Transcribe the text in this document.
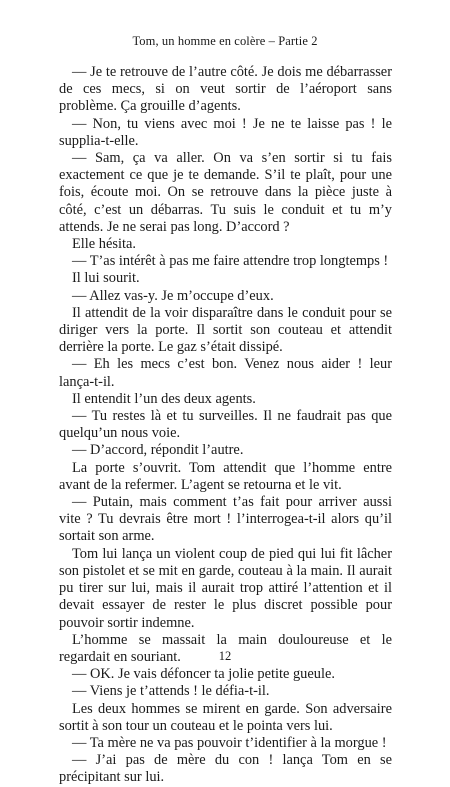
Tom, un homme en colère – Partie 2

— Je te retrouve de l’autre côté. Je dois me débarrasser de ces mecs, si on veut sortir de l’aéroport sans problème. Ça grouille d’agents.

— Non, tu viens avec moi ! Je ne te laisse pas ! le supplia-t-elle.

— Sam, ça va aller. On va s’en sortir si tu fais exactement ce que je te demande. S’il te plaît, pour une fois, écoute moi. On se retrouve dans la pièce juste à côté, c’est un débarras. Tu suis le conduit et tu m’y attends. Je ne serai pas long. D’accord ?

Elle hésita.

— T’as intérêt à pas me faire attendre trop longtemps !

Il lui sourit.

— Allez vas-y. Je m’occupe d’eux.

Il attendit de la voir disparaître dans le conduit pour se diriger vers la porte. Il sortit son couteau et attendit derrière la porte. Le gaz s’était dissipé.

— Eh les mecs c’est bon. Venez nous aider ! leur lança-t-il.

Il entendit l’un des deux agents.

— Tu restes là et tu surveilles. Il ne faudrait pas que quelqu’un nous voie.

— D’accord, répondit l’autre.

La porte s’ouvrit. Tom attendit que l’homme entre avant de la refermer. L’agent se retourna et le vit.

— Putain, mais comment t’as fait pour arriver aussi vite ? Tu devrais être mort ! l’interrogea-t-il alors qu’il sortait son arme.

Tom lui lança un violent coup de pied qui lui fit lâcher son pistolet et se mit en garde, couteau à la main. Il aurait pu tirer sur lui, mais il aurait trop attiré l’attention et il devait essayer de rester le plus discret possible pour pouvoir sortir indemne.

L’homme se massait la main douloureuse et le regardait en souriant.

— OK. Je vais défoncer ta jolie petite gueule.

— Viens je t’attends ! le défia-t-il.

Les deux hommes se mirent en garde. Son adversaire sortit à son tour un couteau et le pointa vers lui.

— Ta mère ne va pas pouvoir t’identifier à la morgue !

— J’ai pas de mère du con ! lança Tom en se précipitant sur lui.

12
